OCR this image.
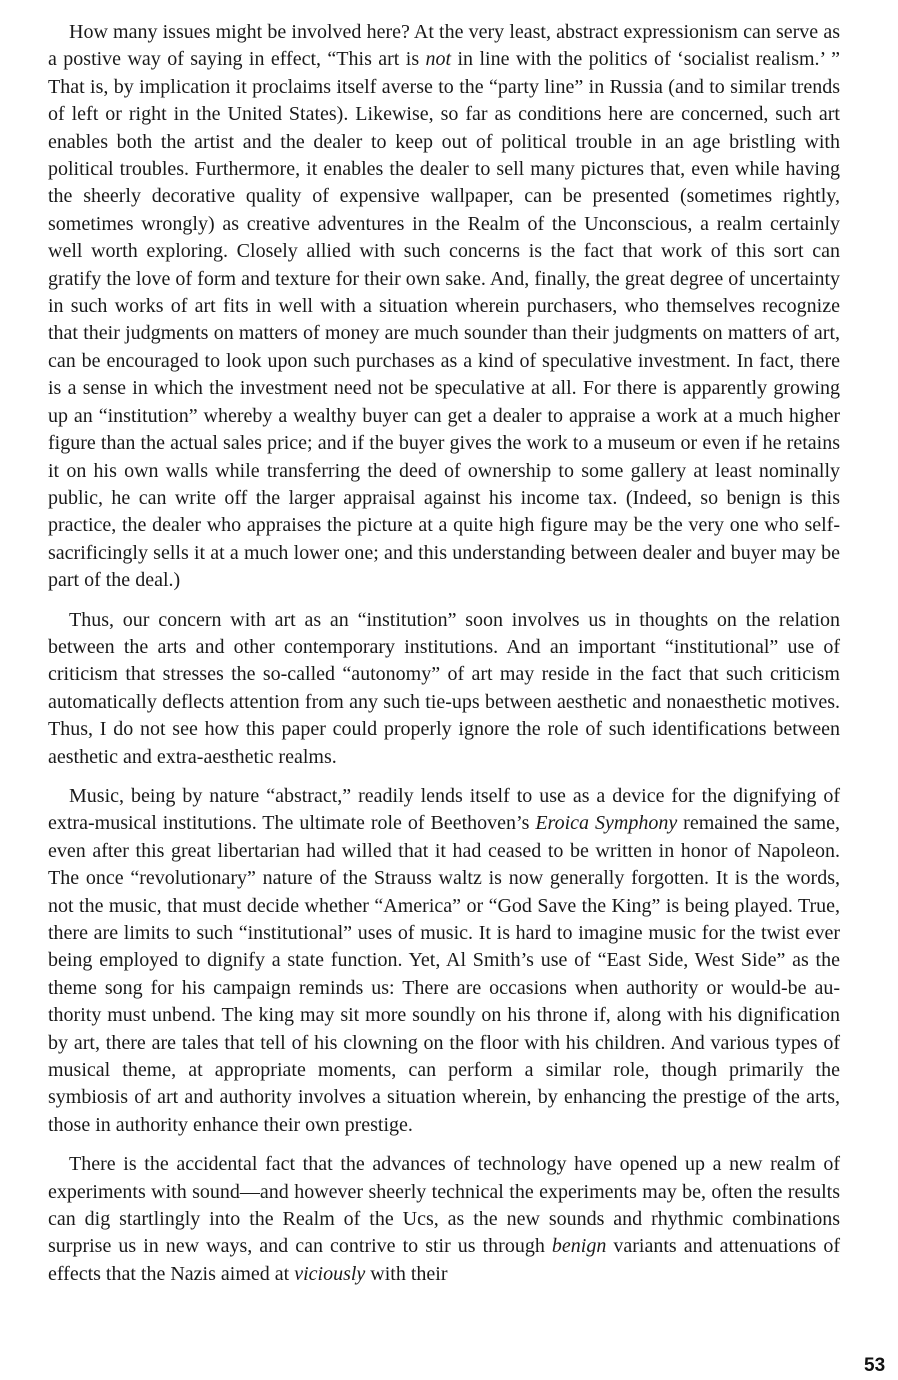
How many issues might be involved here? At the very least, abstract expressionism can serve as a postive way of saying in effect, “This art is not in line with the politics of ‘socialist realism.’ ” That is, by implication it proclaims itself averse to the “party line” in Russia (and to similar trends of left or right in the United States). Likewise, so far as conditions here are concerned, such art enables both the artist and the dealer to keep out of political trouble in an age bristling with political troubles. Furthermore, it enables the dealer to sell many pictures that, even while having the sheerly decorative quality of expensive wallpaper, can be presented (sometimes rightly, sometimes wrongly) as creative adventures in the Realm of the Unconscious, a realm certainly well worth exploring. Closely allied with such concerns is the fact that work of this sort can gratify the love of form and texture for their own sake. And, finally, the great degree of uncertainty in such works of art fits in well with a situation wherein purchasers, who themselves recognize that their judgments on matters of money are much sounder than their judgments on matters of art, can be encouraged to look upon such purchases as a kind of speculative investment. In fact, there is a sense in which the investment need not be speculative at all. For there is apparently growing up an “institution” whereby a wealthy buyer can get a dealer to appraise a work at a much higher figure than the actual sales price; and if the buyer gives the work to a museum or even if he retains it on his own walls while transferring the deed of ownership to some gallery at least nominally public, he can write off the larger appraisal against his income tax. (Indeed, so benign is this practice, the dealer who appraises the picture at a quite high figure may be the very one who self-sacrificingly sells it at a much lower one; and this understanding between dealer and buyer may be part of the deal.)

Thus, our concern with art as an “institution” soon involves us in thoughts on the relation between the arts and other contemporary institutions. And an important “institutional” use of criticism that stresses the so-called “autonomy” of art may reside in the fact that such criticism automatically deflects attention from any such tie-ups between aesthetic and nonaesthetic motives. Thus, I do not see how this paper could properly ignore the role of such identifications between aesthetic and extra-aesthetic realms.

Music, being by nature “abstract,” readily lends itself to use as a device for the dignifying of extra-musical institutions. The ultimate role of Beethoven’s Eroica Symphony remained the same, even after this great libertarian had willed that it had ceased to be written in honor of Napoleon. The once “revolutionary” nature of the Strauss waltz is now generally forgotten. It is the words, not the music, that must decide whether “America” or “God Save the King” is being played. True, there are limits to such “institutional” uses of music. It is hard to imagine music for the twist ever being employed to dignify a state function. Yet, Al Smith’s use of “East Side, West Side” as the theme song for his campaign reminds us: There are occasions when authority or would-be authority must unbend. The king may sit more soundly on his throne if, along with his dignification by art, there are tales that tell of his clowning on the floor with his children. And various types of musical theme, at appropriate moments, can perform a similar role, though primarily the symbiosis of art and authority involves a situation wherein, by enhancing the prestige of the arts, those in authority enhance their own prestige.

There is the accidental fact that the advances of technology have opened up a new realm of experiments with sound—and however sheerly technical the experiments may be, often the results can dig startlingly into the Realm of the Ucs, as the new sounds and rhythmic combinations surprise us in new ways, and can contrive to stir us through benign variants and attenuations of effects that the Nazis aimed at viciously with their

53
